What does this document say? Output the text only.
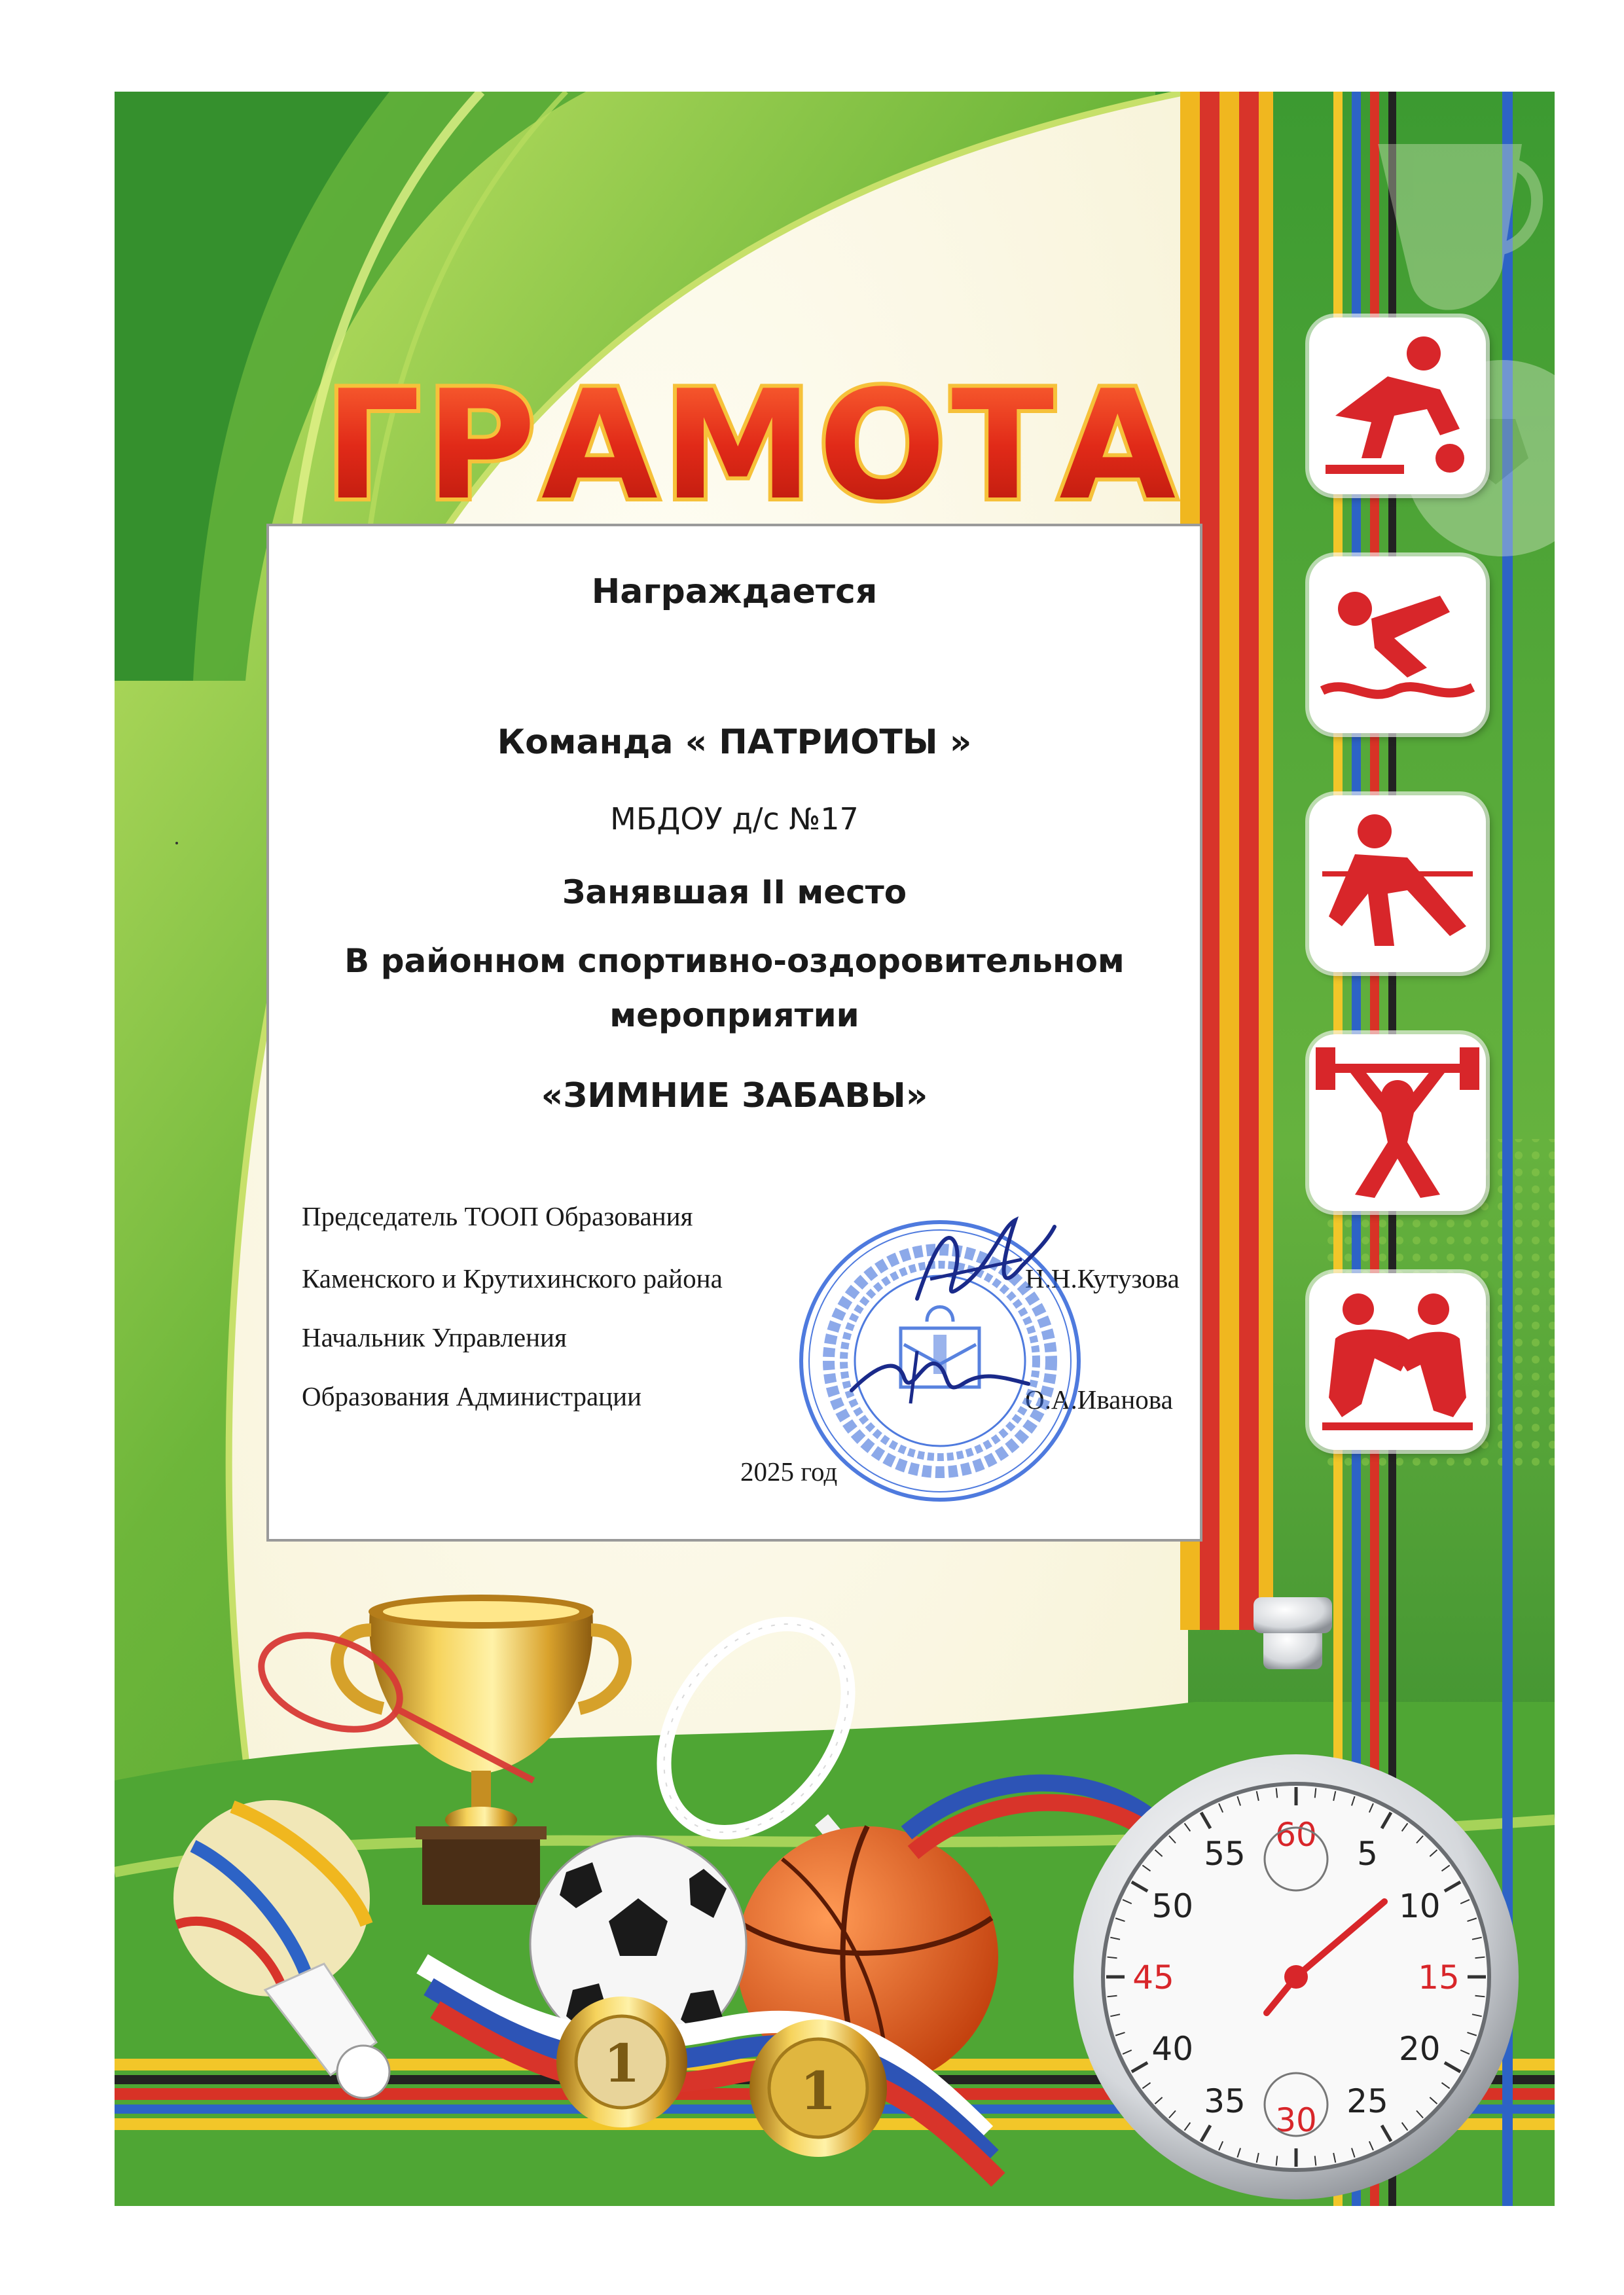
1	1
60
5
10
15
20
25
30
35
40
45
50
55
ГРАМОТА
Награждается
Команда « ПАТРИОТЫ »
МБДОУ д/с №17
Занявшая II место
В районном спортивно-оздоровительном
мероприятии
«ЗИМНИЕ ЗАБАВЫ»
Председатель ТООП Образования
Каменского и Крутихинского района	Н.Н.Кутузова
Начальник Управления
Образования Администрации	О.А.Иванова
2025 год
